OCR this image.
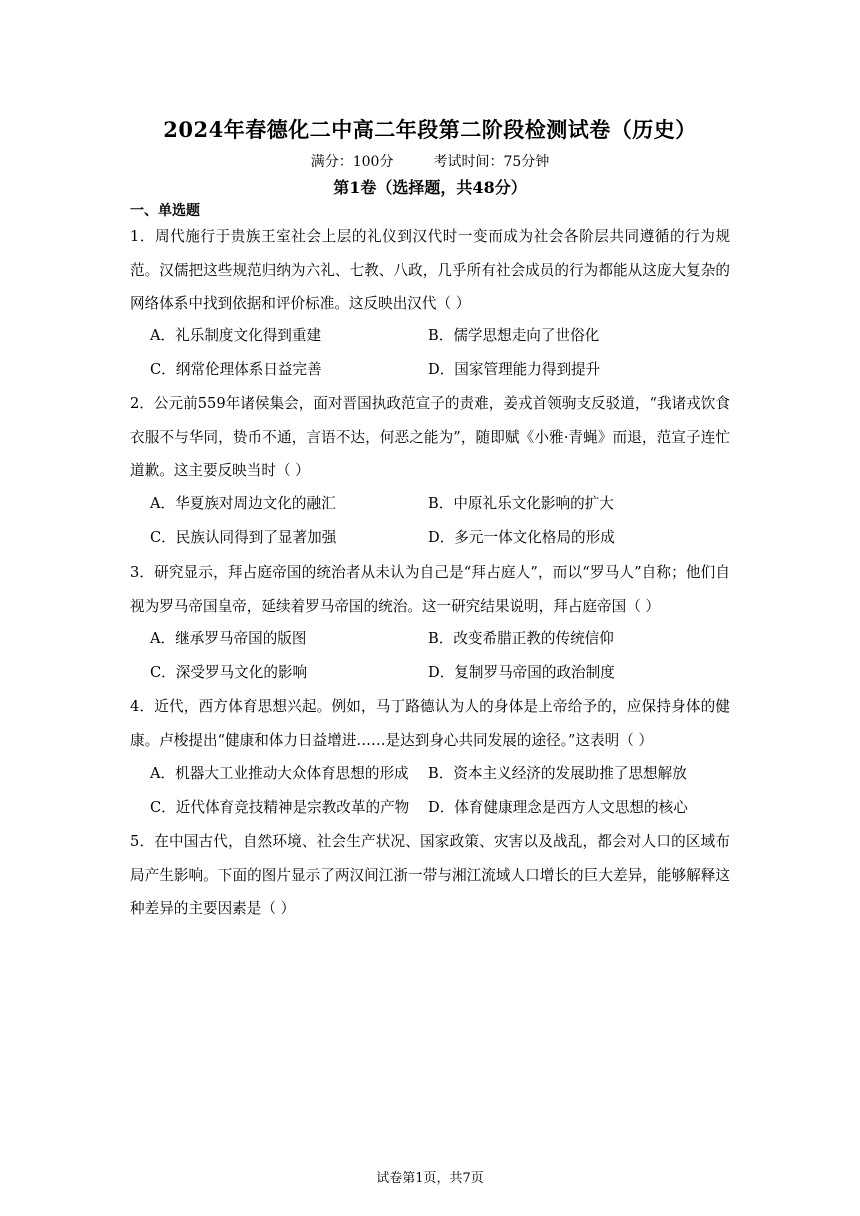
2024年春德化二中高二年段第二阶段检测试卷（历史）
满分：100分	考试时间：75分钟
第1卷（选择题，共48分）
一、单选题
1．周代施行于贵族王室社会上层的礼仪到汉代时一变而成为社会各阶层共同遵循的行为规范。汉儒把这些规范归纳为六礼、七教、八政，几乎所有社会成员的行为都能从这庞大复杂的网络体系中找到依据和评价标准。这反映出汉代（ ）
A．礼乐制度文化得到重建	B．儒学思想走向了世俗化
C．纲常伦理体系日益完善	D．国家管理能力得到提升
2．公元前559年诸侯集会，面对晋国执政范宣子的责难，姜戎首领驹支反驳道，“我诸戎饮食衣服不与华同，贽币不通，言语不达，何恶之能为”，随即赋《小雅·青蝇》而退，范宣子连忙道歉。这主要反映当时（ ）
A．华夏族对周边文化的融汇	B．中原礼乐文化影响的扩大
C．民族认同得到了显著加强	D．多元一体文化格局的形成
3．研究显示，拜占庭帝国的统治者从未认为自己是“拜占庭人”，而以“罗马人”自称；他们自视为罗马帝国皇帝，延续着罗马帝国的统治。这一研究结果说明，拜占庭帝国（ ）
A．继承罗马帝国的版图	B．改变希腊正教的传统信仰
C．深受罗马文化的影响	D．复制罗马帝国的政治制度
4．近代，西方体育思想兴起。例如，马丁路德认为人的身体是上帝给予的，应保持身体的健康。卢梭提出“健康和体力日益增进……是达到身心共同发展的途径。”这表明（ ）
A．机器大工业推动大众体育思想的形成 B．资本主义经济的发展助推了思想解放
C．近代体育竞技精神是宗教改革的产物 D．体育健康理念是西方人文思想的核心
5．在中国古代，自然环境、社会生产状况、国家政策、灾害以及战乱，都会对人口的区域布局产生影响。下面的图片显示了两汉间江浙一带与湘江流域人口增长的巨大差异，能够解释这种差异的主要因素是（ ）
试卷第1页，共7页
